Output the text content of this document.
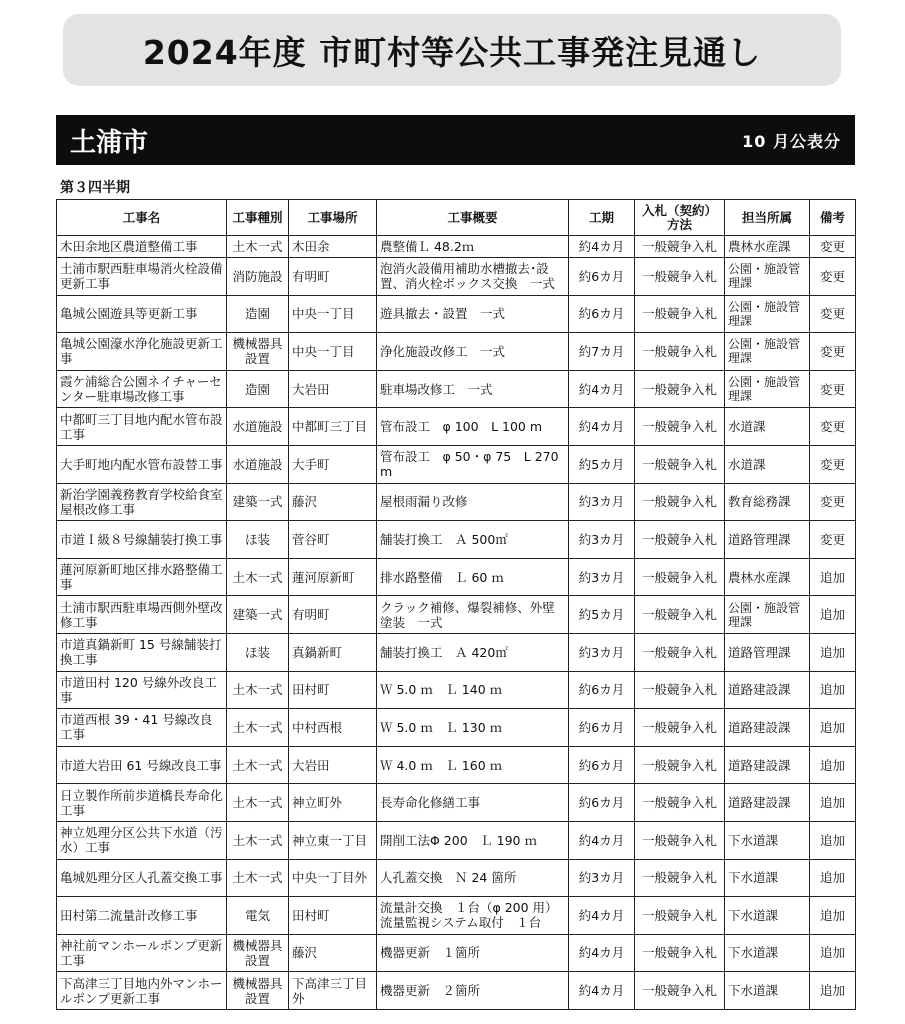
2024年度 市町村等公共工事発注見通し
土浦市	10 月公表分
第３四半期
工事名	工事種別	工事場所	工事概要	工期	入札（契約）方法	担当所属	備考
木田余地区農道整備工事	土木一式	木田余	農整備Ｌ 48.2ｍ	約4カ月	一般競争入札	農林水産課	変更
土浦市駅西駐車場消火栓設備更新工事	消防施設	有明町	泡消火設備用補助水槽撤去･設置、消火栓ボックス交換　一式	約6カ月	一般競争入札	公園・施設管理課	変更
亀城公園遊具等更新工事	造園	中央一丁目	遊具撤去・設置　一式	約6カ月	一般競争入札	公園・施設管理課	変更
亀城公園濠水浄化施設更新工事	機械器具設置	中央一丁目	浄化施設改修工　一式	約7カ月	一般競争入札	公園・施設管理課	変更
霞ケ浦総合公園ネイチャーセンター駐車場改修工事	造園	大岩田	駐車場改修工　一式	約4カ月	一般競争入札	公園・施設管理課	変更
中都町三丁目地内配水管布設工事	水道施設	中都町三丁目	管布設工　φ 100　L 100 m	約4カ月	一般競争入札	水道課	変更
大手町地内配水管布設替工事	水道施設	大手町	管布設工　φ 50・φ 75　L 270 m	約5カ月	一般競争入札	水道課	変更
新治学園義務教育学校給食室屋根改修工事	建築一式	藤沢	屋根雨漏り改修	約3カ月	一般競争入札	教育総務課	変更
市道Ｉ級８号線舗装打換工事	ほ装	菅谷町	舗装打換工　Ａ 500㎡	約3カ月	一般競争入札	道路管理課	変更
蓮河原新町地区排水路整備工事	土木一式	蓮河原新町	排水路整備　Ｌ 60 ｍ	約3カ月	一般競争入札	農林水産課	追加
土浦市駅西駐車場西側外壁改修工事	建築一式	有明町	クラック補修、爆裂補修、外壁塗装　一式	約5カ月	一般競争入札	公園・施設管理課	追加
市道真鍋新町 15 号線舗装打換工事	ほ装	真鍋新町	舗装打換工　Ａ 420㎡	約3カ月	一般競争入札	道路管理課	追加
市道田村 120 号線外改良工事	土木一式	田村町	Ｗ 5.0 ｍ　Ｌ 140 ｍ	約6カ月	一般競争入札	道路建設課	追加
市道西根 39・41 号線改良工事	土木一式	中村西根	Ｗ 5.0 ｍ　Ｌ 130 ｍ	約6カ月	一般競争入札	道路建設課	追加
市道大岩田 61 号線改良工事	土木一式	大岩田	Ｗ 4.0 ｍ　Ｌ 160 ｍ	約6カ月	一般競争入札	道路建設課	追加
日立製作所前歩道橋長寿命化工事	土木一式	神立町外	長寿命化修繕工事	約6カ月	一般競争入札	道路建設課	追加
神立処理分区公共下水道（汚水）工事	土木一式	神立東一丁目	開削工法Φ 200　Ｌ 190 ｍ	約4カ月	一般競争入札	下水道課	追加
亀城処理分区人孔蓋交換工事	土木一式	中央一丁目外	人孔蓋交換　Ｎ 24 箇所	約3カ月	一般競争入札	下水道課	追加
田村第二流量計改修工事	電気	田村町	流量計交換　１台（φ 200 用）流量監視システム取付　１台	約4カ月	一般競争入札	下水道課	追加
神社前マンホールポンプ更新工事	機械器具設置	藤沢	機器更新　１箇所	約4カ月	一般競争入札	下水道課	追加
下高津三丁目地内外マンホールポンプ更新工事	機械器具設置	下高津三丁目外	機器更新　２箇所	約4カ月	一般競争入札	下水道課	追加
